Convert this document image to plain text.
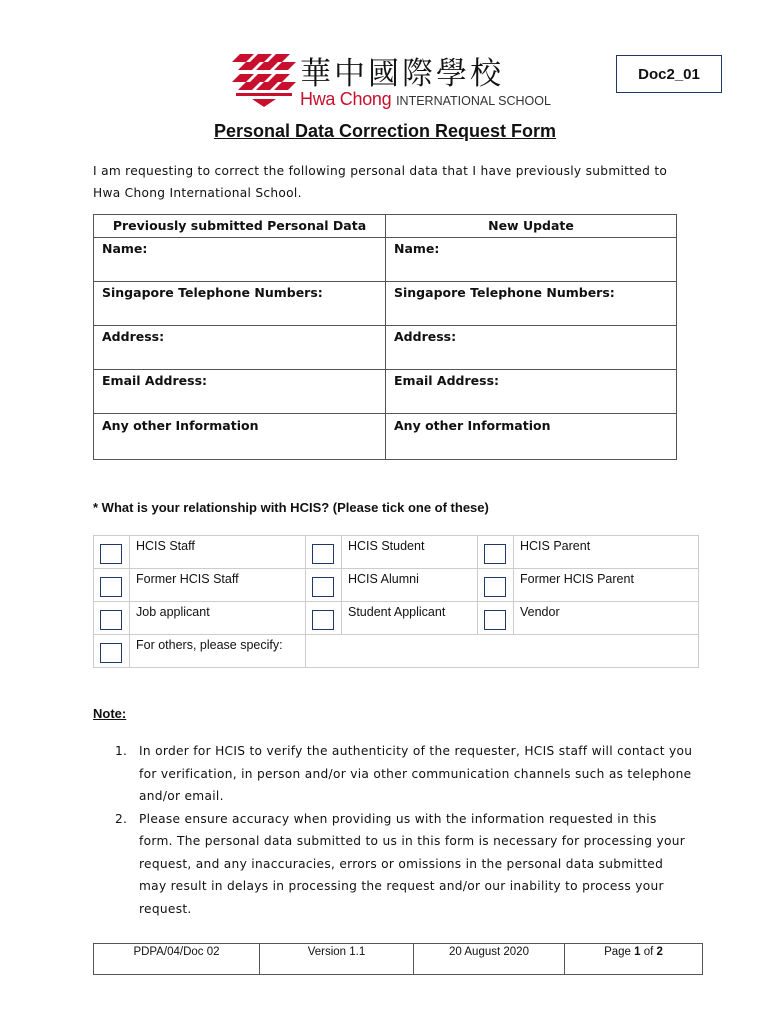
華中國際學校
Hwa Chong INTERNATIONAL SCHOOL
Doc2_01
Personal Data Correction Request Form
I am requesting to correct the following personal data that I have previously submitted to Hwa Chong International School.
Previously submitted Personal Data	New Update
Name:	Name:
Singapore Telephone Numbers:	Singapore Telephone Numbers:
Address:	Address:
Email Address:	Email Address:
Any other Information	Any other Information
* What is your relationship with HCIS? (Please tick one of these)
	HCIS Staff		HCIS Student		HCIS Parent

	Former HCIS Staff		HCIS Alumni		Former HCIS Parent

	Job applicant		Student Applicant		Vendor

	For others, please specify:				
Note:
1. In order for HCIS to verify the authenticity of the requester, HCIS staff will contact you for verification, in person and/or via other communication channels such as telephone and/or email.
2. Please ensure accuracy when providing us with the information requested in this form. The personal data submitted to us in this form is necessary for processing your request, and any inaccuracies, errors or omissions in the personal data submitted may result in delays in processing the request and/or our inability to process your request.
PDPA/04/Doc 02	Version 1.1	20 August 2020	Page 1 of 2
